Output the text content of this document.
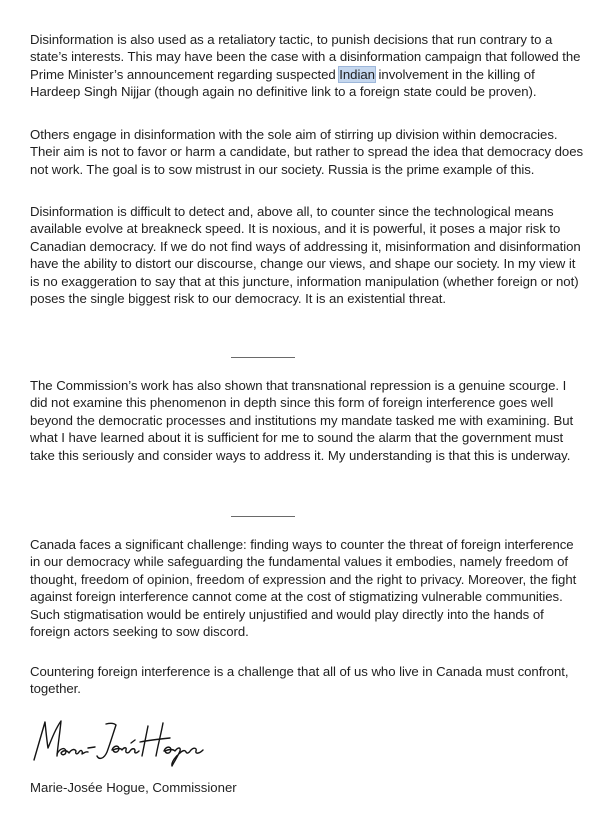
Disinformation is also used as a retaliatory tactic, to punish decisions that run contrary to a state’s interests. This may have been the case with a disinformation campaign that followed the Prime Minister’s announcement regarding suspected Indian involvement in the killing of Hardeep Singh Nijjar (though again no definitive link to a foreign state could be proven).

Others engage in disinformation with the sole aim of stirring up division within democracies. Their aim is not to favor or harm a candidate, but rather to spread the idea that democracy does not work. The goal is to sow mistrust in our society. Russia is the prime example of this.

Disinformation is difficult to detect and, above all, to counter since the technological means available evolve at breakneck speed. It is noxious, and it is powerful, it poses a major risk to Canadian democracy. If we do not find ways of addressing it, misinformation and disinformation have the ability to distort our discourse, change our views, and shape our society. In my view it is no exaggeration to say that at this juncture, information manipulation (whether foreign or not) poses the single biggest risk to our democracy. It is an existential threat.

The Commission’s work has also shown that transnational repression is a genuine scourge. I did not examine this phenomenon in depth since this form of foreign interference goes well beyond the democratic processes and institutions my mandate tasked me with examining. But what I have learned about it is sufficient for me to sound the alarm that the government must take this seriously and consider ways to address it. My understanding is that this is underway.

Canada faces a significant challenge: finding ways to counter the threat of foreign interference in our democracy while safeguarding the fundamental values it embodies, namely freedom of thought, freedom of opinion, freedom of expression and the right to privacy. Moreover, the fight against foreign interference cannot come at the cost of stigmatizing vulnerable communities. Such stigmatisation would be entirely unjustified and would play directly into the hands of foreign actors seeking to sow discord.

Countering foreign interference is a challenge that all of us who live in Canada must confront, together.

Marie-Josée Hogue, Commissioner
